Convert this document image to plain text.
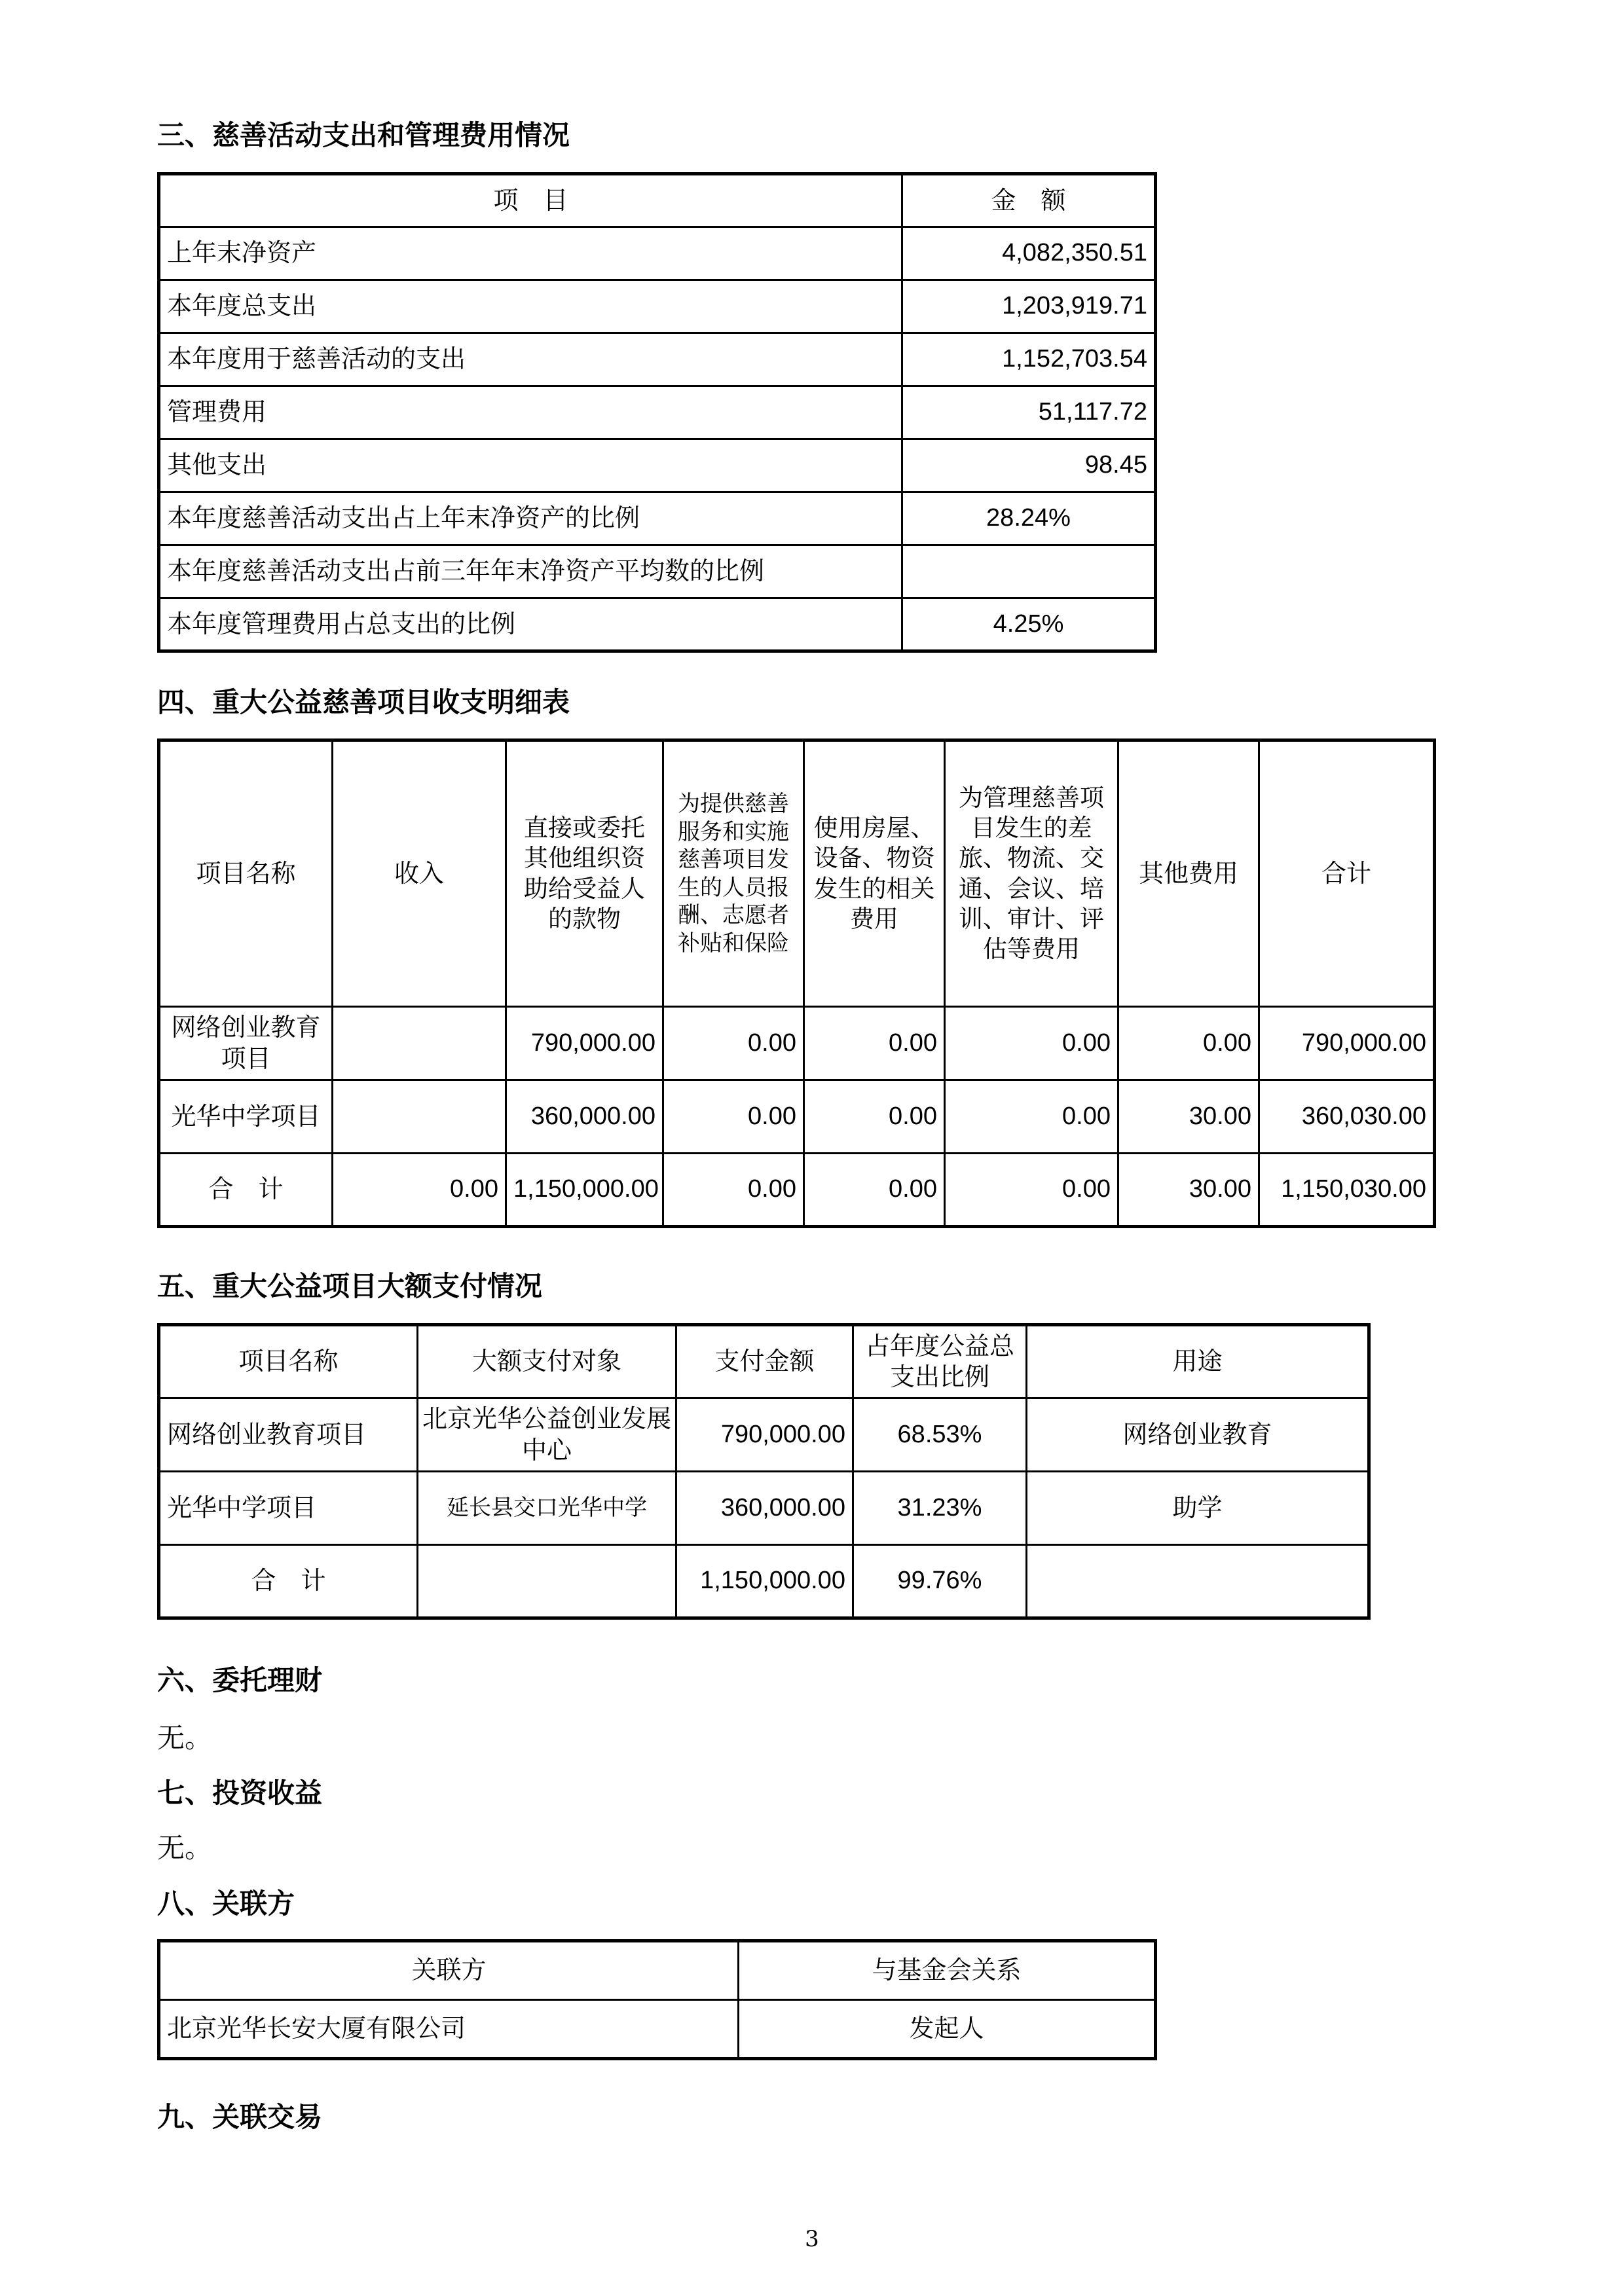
三、慈善活动支出和管理费用情况
项　目	金　额
上年末净资产	4,082,350.51
本年度总支出	1,203,919.71
本年度用于慈善活动的支出	1,152,703.54
管理费用	51,117.72
其他支出	98.45
本年度慈善活动支出占上年末净资产的比例	28.24%
本年度慈善活动支出占前三年年末净资产平均数的比例	
本年度管理费用占总支出的比例	4.25%
四、重大公益慈善项目收支明细表
项目名称	收入	直接或委托其他组织资助给受益人的款物	为提供慈善服务和实施慈善项目发生的人员报酬、志愿者补贴和保险	使用房屋、设备、物资发生的相关费用	为管理慈善项目发生的差旅、物流、交通、会议、培训、审计、评估等费用	其他费用	合计
网络创业教育项目		790,000.00	0.00	0.00	0.00	0.00	790,000.00
光华中学项目		360,000.00	0.00	0.00	0.00	30.00	360,030.00
合　计	0.00	1,150,000.00	0.00	0.00	0.00	30.00	1,150,030.00
五、重大公益项目大额支付情况
项目名称	大额支付对象	支付金额	占年度公益总支出比例	用途
网络创业教育项目	北京光华公益创业发展中心	790,000.00	68.53%	网络创业教育
光华中学项目	延长县交口光华中学	360,000.00	31.23%	助学
合　计		1,150,000.00	99.76%	
六、委托理财
无。
七、投资收益
无。
八、关联方
关联方	与基金会关系
北京光华长安大厦有限公司	发起人
九、关联交易
3
